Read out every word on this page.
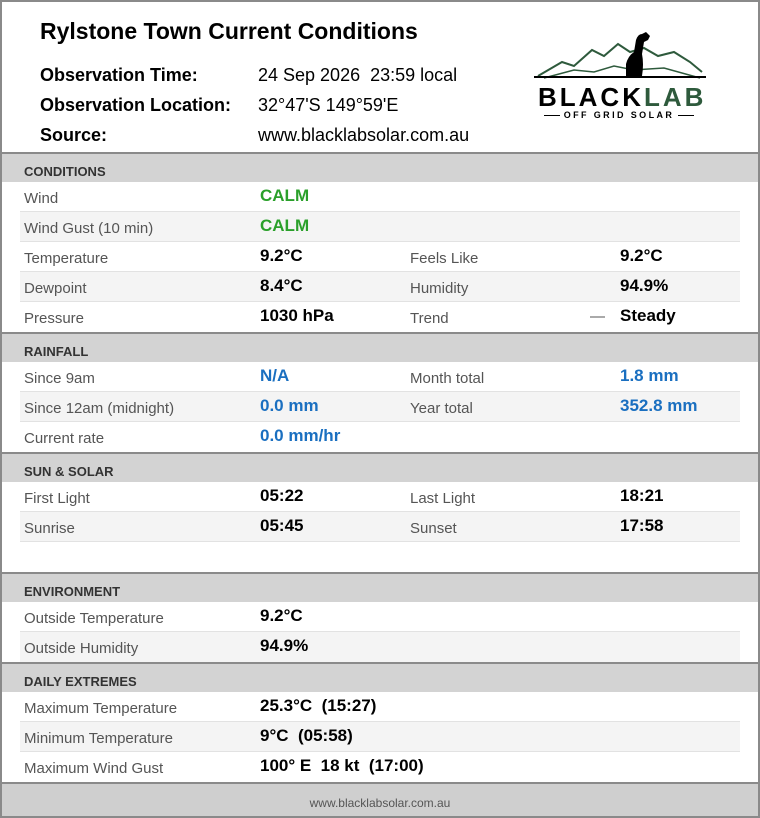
Rylstone Town Current Conditions
Observation Time:	24 Sep 2026  23:59 local
Observation Location: 32°47'S 149°59'E
Source:	www.blacklabsolar.com.au
BLACKLAB
OFF GRID SOLAR
CONDITIONS
Wind	CALM
Wind Gust (10 min)	CALM
Temperature	9.2°C	Feels Like	9.2°C
Dewpoint	8.4°C	Humidity	94.9%
Pressure	1030 hPa	Trend	— Steady
RAINFALL
Since 9am	N/A	Month total	1.8 mm
Since 12am (midnight)	0.0 mm	Year total	352.8 mm
Current rate	0.0 mm/hr
SUN & SOLAR
First Light	05:22	Last Light	18:21
Sunrise	05:45	Sunset	17:58
ENVIRONMENT
Outside Temperature	9.2°C
Outside Humidity	94.9%
DAILY EXTREMES
Maximum Temperature	25.3°C  (15:27)
Minimum Temperature	9°C  (05:58)
Maximum Wind Gust	100° E  18 kt  (17:00)
www.blacklabsolar.com.au
